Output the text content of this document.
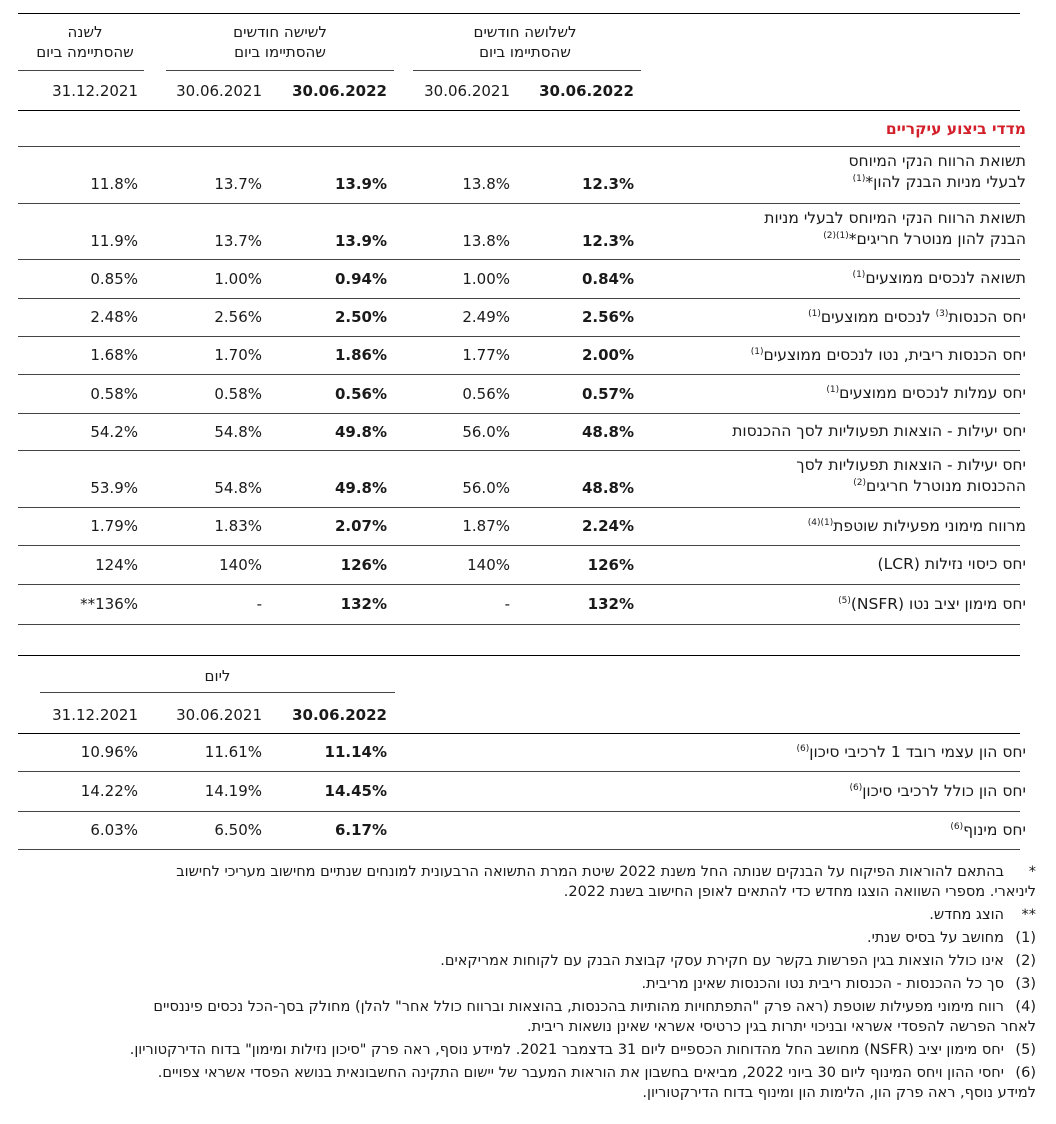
לשנה
שהסתיימה ביום
לשישה חודשים
שהסתיימו ביום
לשלושה חודשים
שהסתיימו ביום
31.12.2021	30.06.2021	30.06.2022	30.06.2021	30.06.2022
מדדי ביצוע עיקריים
תשואת הרווח הנקי המיוחס
לבעלי מניות הבנק להון*$^{(1)}$
11.8%	13.7%	13.9%	13.8%	12.3%
תשואת הרווח הנקי המיוחס לבעלי מניות
הבנק להון מנוטרל חריגים*$^{(1)(2)}$
11.9%	13.7%	13.9%	13.8%	12.3%
תשואה לנכסים ממוצעים$^{(1)}$
0.85%	1.00%	0.94%	1.00%	0.84%
יחס הכנסות$^{(3)}$ לנכסים ממוצעים$^{(1)}$
2.48%	2.56%	2.50%	2.49%	2.56%
יחס הכנסות ריבית, נטו לנכסים ממוצעים$^{(1)}$
1.68%	1.70%	1.86%	1.77%	2.00%
יחס עמלות לנכסים ממוצעים$^{(1)}$
0.58%	0.58%	0.56%	0.56%	0.57%
יחס יעילות - הוצאות תפעוליות לסך ההכנסות
54.2%	54.8%	49.8%	56.0%	48.8%
יחס יעילות - הוצאות תפעוליות לסך
ההכנסות מנוטרל חריגים$^{(2)}$
53.9%	54.8%	49.8%	56.0%	48.8%
מרווח מימוני מפעילות שוטפת$^{(1)(4)}$
1.79%	1.83%	2.07%	1.87%	2.24%
יחס כיסוי נזילות (LCR)
124%	140%	126%	140%	126%
יחס מימון יציב נטו (NSFR)$^{(5)}$
**136%	-	132%	-	132%
ליום
31.12.2021	30.06.2021	30.06.2022
יחס הון עצמי רובד 1 לרכיבי סיכון$^{(6)}$
10.96%	11.61%	11.14%
יחס הון כולל לרכיבי סיכון$^{(6)}$
14.22%	14.19%	14.45%
יחס מינוף$^{(6)}$
6.03%	6.50%	6.17%
*בהתאם להוראות הפיקוח על הבנקים שנותה החל משנת 2022 שיטת המרת התשואה הרבעונית למונחים שנתיים מחישוב מעריכי לחישוב
ליניארי. מספרי השוואה הוצגו מחדש כדי להתאים לאופן החישוב בשנת 2022.
**הוצג מחדש.
(1)מחושב על בסיס שנתי.
(2)אינו כולל הוצאות בגין הפרשות בקשר עם חקירת עסקי קבוצת הבנק עם לקוחות אמריקאים.
(3)סך כל ההכנסות - הכנסות ריבית נטו והכנסות שאינן מריבית.
(4)רווח מימוני מפעילות שוטפת (ראה פרק "התפתחויות מהותיות בהכנסות, בהוצאות וברווח כולל אחר" להלן) מחולק בסך-הכל נכסים פיננסיים
לאחר הפרשה להפסדי אשראי ובניכוי יתרות בגין כרטיסי אשראי שאינן נושאות ריבית.
(5)יחס מימון יציב (NSFR) מחושב החל מהדוחות הכספיים ליום 31 בדצמבר 2021. למידע נוסף, ראה פרק "סיכון נזילות ומימון" בדוח הדירקטוריון.
(6)יחסי ההון ויחס המינוף ליום 30 ביוני 2022, מביאים בחשבון את הוראות המעבר של יישום התקינה החשבונאית בנושא הפסדי אשראי צפויים.
למידע נוסף, ראה פרק הון, הלימות הון ומינוף בדוח הדירקטוריון.
